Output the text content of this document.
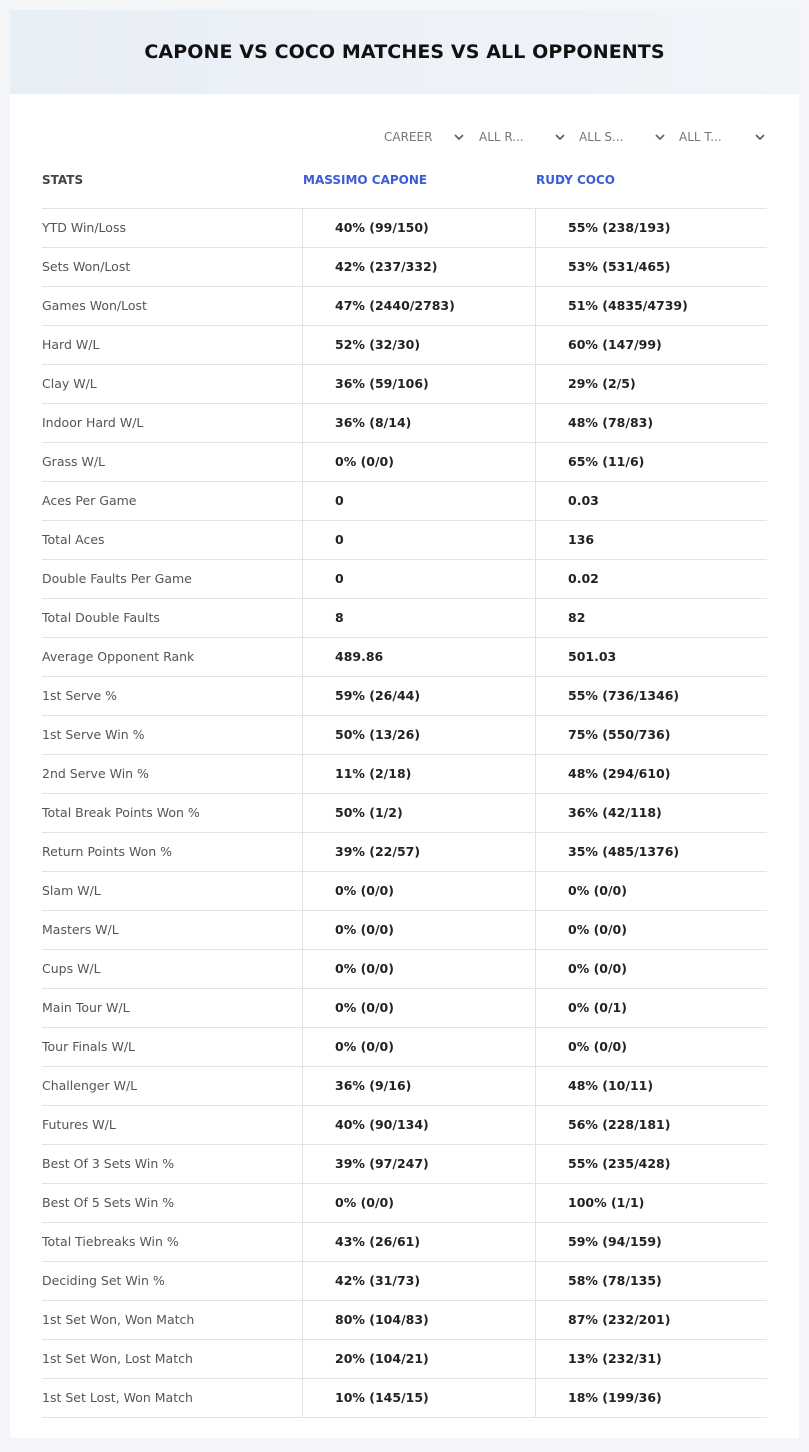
CAPONE VS COCO MATCHES VS ALL OPPONENTS
CAREER	ALL R...	ALL S...	ALL T...
STATS	MASSIMO CAPONE	RUDY COCO
YTD Win/Loss	40% (99/150)	55% (238/193)
Sets Won/Lost	42% (237/332)	53% (531/465)
Games Won/Lost	47% (2440/2783)	51% (4835/4739)
Hard W/L	52% (32/30)	60% (147/99)
Clay W/L	36% (59/106)	29% (2/5)
Indoor Hard W/L	36% (8/14)	48% (78/83)
Grass W/L	0% (0/0)	65% (11/6)
Aces Per Game	0	0.03
Total Aces	0	136
Double Faults Per Game	0	0.02
Total Double Faults	8	82
Average Opponent Rank	489.86	501.03
1st Serve %	59% (26/44)	55% (736/1346)
1st Serve Win %	50% (13/26)	75% (550/736)
2nd Serve Win %	11% (2/18)	48% (294/610)
Total Break Points Won %	50% (1/2)	36% (42/118)
Return Points Won %	39% (22/57)	35% (485/1376)
Slam W/L	0% (0/0)	0% (0/0)
Masters W/L	0% (0/0)	0% (0/0)
Cups W/L	0% (0/0)	0% (0/0)
Main Tour W/L	0% (0/0)	0% (0/1)
Tour Finals W/L	0% (0/0)	0% (0/0)
Challenger W/L	36% (9/16)	48% (10/11)
Futures W/L	40% (90/134)	56% (228/181)
Best Of 3 Sets Win %	39% (97/247)	55% (235/428)
Best Of 5 Sets Win %	0% (0/0)	100% (1/1)
Total Tiebreaks Win %	43% (26/61)	59% (94/159)
Deciding Set Win %	42% (31/73)	58% (78/135)
1st Set Won, Won Match	80% (104/83)	87% (232/201)
1st Set Won, Lost Match	20% (104/21)	13% (232/31)
1st Set Lost, Won Match	10% (145/15)	18% (199/36)
